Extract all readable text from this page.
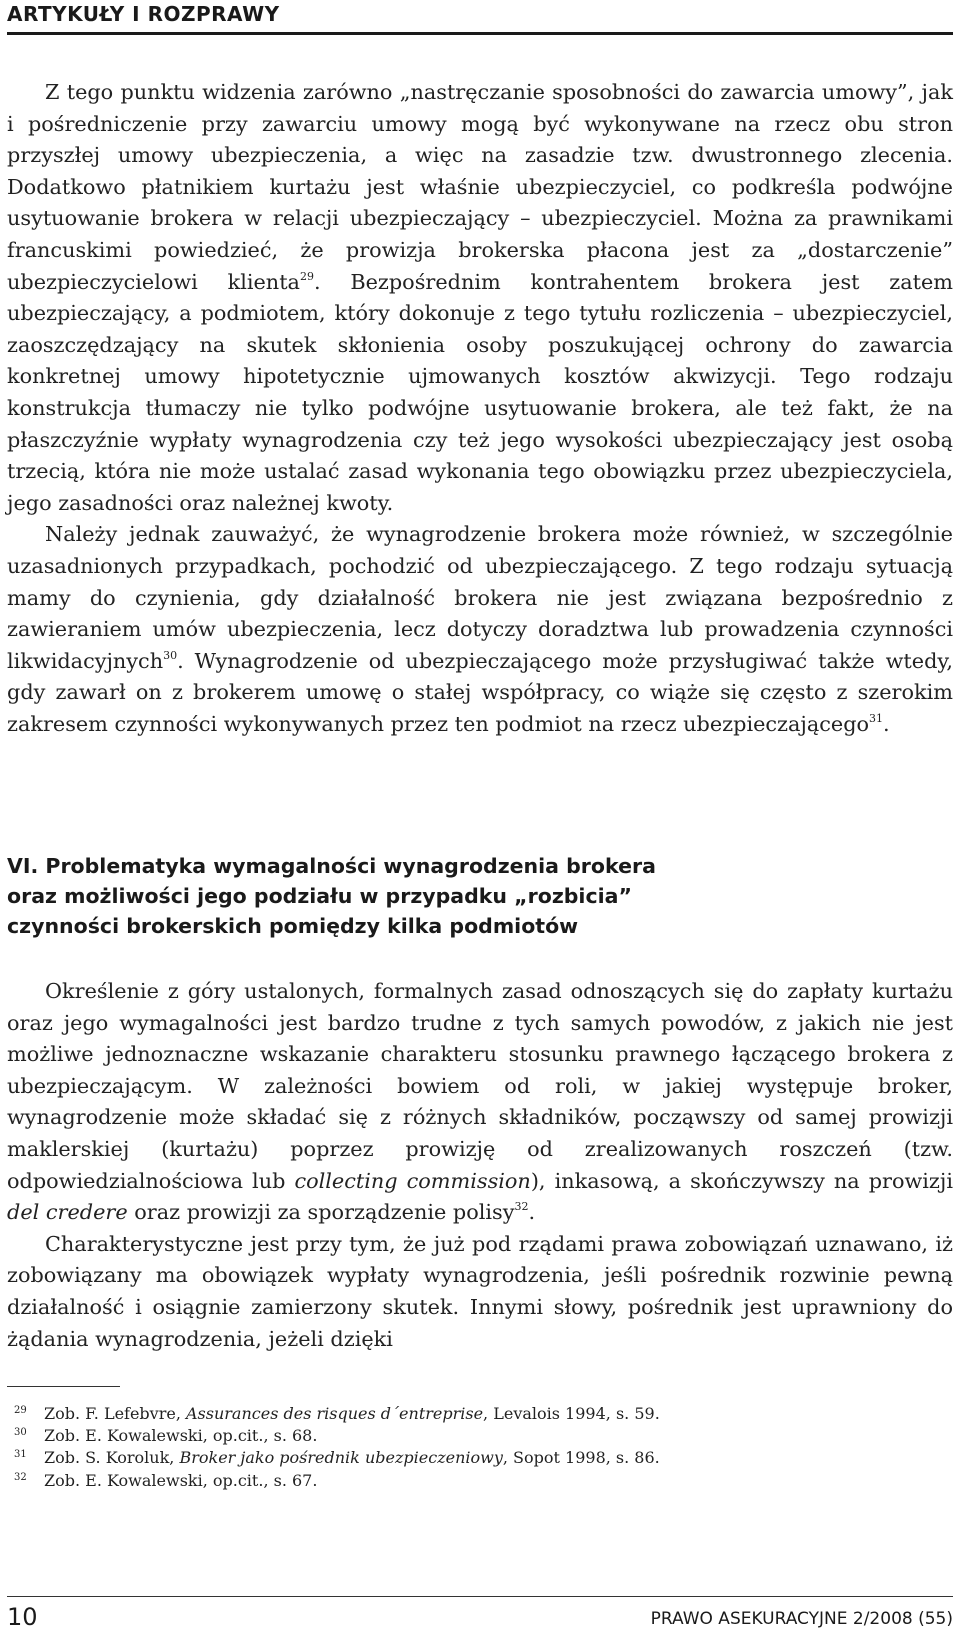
ARTYKUŁY I ROZPRAWY

Z tego punktu widzenia zarówno „nastręczanie sposobności do zawarcia umowy”, jak i pośredniczenie przy zawarciu umowy mogą być wykonywane na rzecz obu stron przyszłej umowy ubezpieczenia, a więc na zasadzie tzw. dwustronnego zlecenia. Dodatkowo płatnikiem kurtażu jest właśnie ubezpieczyciel, co podkreśla podwójne usytuowanie brokera w relacji ubezpieczający – ubezpieczyciel. Można za prawnikami francuskimi powiedzieć, że prowizja brokerska płacona jest za „dostarczenie” ubezpieczycielowi klienta$^{29}$. Bezpośrednim kontrahentem brokera jest zatem ubezpieczający, a podmiotem, który dokonuje z tego tytułu rozliczenia – ubezpieczyciel, zaoszczędzający na skutek skłonienia osoby poszukującej ochrony do zawarcia konkretnej umowy hipotetycznie ujmowanych kosztów akwizycji. Tego rodzaju konstrukcja tłumaczy nie tylko podwójne usytuowanie brokera, ale też fakt, że na płaszczyźnie wypłaty wynagrodzenia czy też jego wysokości ubezpieczający jest osobą trzecią, która nie może ustalać zasad wykonania tego obowiązku przez ubezpieczyciela, jego zasadności oraz należnej kwoty.

Należy jednak zauważyć, że wynagrodzenie brokera może również, w szczególnie uzasadnionych przypadkach, pochodzić od ubezpieczającego. Z tego rodzaju sytuacją mamy do czynienia, gdy działalność brokera nie jest związana bezpośrednio z zawieraniem umów ubezpieczenia, lecz dotyczy doradztwa lub prowadzenia czynności likwidacyjnych$^{30}$. Wynagrodzenie od ubezpieczającego może przysługiwać także wtedy, gdy zawarł on z brokerem umowę o stałej współpracy, co wiąże się często z szerokim zakresem czynności wykonywanych przez ten podmiot na rzecz ubezpieczającego$^{31}$.

VI. Problematyka wymagalności wynagrodzenia brokera
oraz możliwości jego podziału w przypadku „rozbicia”
czynności brokerskich pomiędzy kilka podmiotów

Określenie z góry ustalonych, formalnych zasad odnoszących się do zapłaty kurtażu oraz jego wymagalności jest bardzo trudne z tych samych powodów, z jakich nie jest możliwe jednoznaczne wskazanie charakteru stosunku prawnego łączącego brokera z ubezpieczającym. W zależności bowiem od roli, w jakiej występuje broker, wynagrodzenie może składać się z różnych składników, począwszy od samej prowizji maklerskiej (kurtażu) poprzez prowizję od zrealizowanych roszczeń (tzw. odpowiedzialnościowa lub collecting commission), inkasową, a skończywszy na prowizji del credere oraz prowizji za sporządzenie polisy$^{32}$.

Charakterystyczne jest przy tym, że już pod rządami prawa zobowiązań uznawano, iż zobowiązany ma obowiązek wypłaty wynagrodzenia, jeśli pośrednik rozwinie pewną działalność i osiągnie zamierzony skutek. Innymi słowy, pośrednik jest uprawniony do żądania wynagrodzenia, jeżeli dzięki

29 Zob. F. Lefebvre, Assurances des risques d´entreprise, Levalois 1994, s. 59.
30 Zob. E. Kowalewski, op.cit., s. 68.
31 Zob. S. Koroluk, Broker jako pośrednik ubezpieczeniowy, Sopot 1998, s. 86.
32 Zob. E. Kowalewski, op.cit., s. 67.
10	PRAWO ASEKURACYJNE 2/2008 (55)
